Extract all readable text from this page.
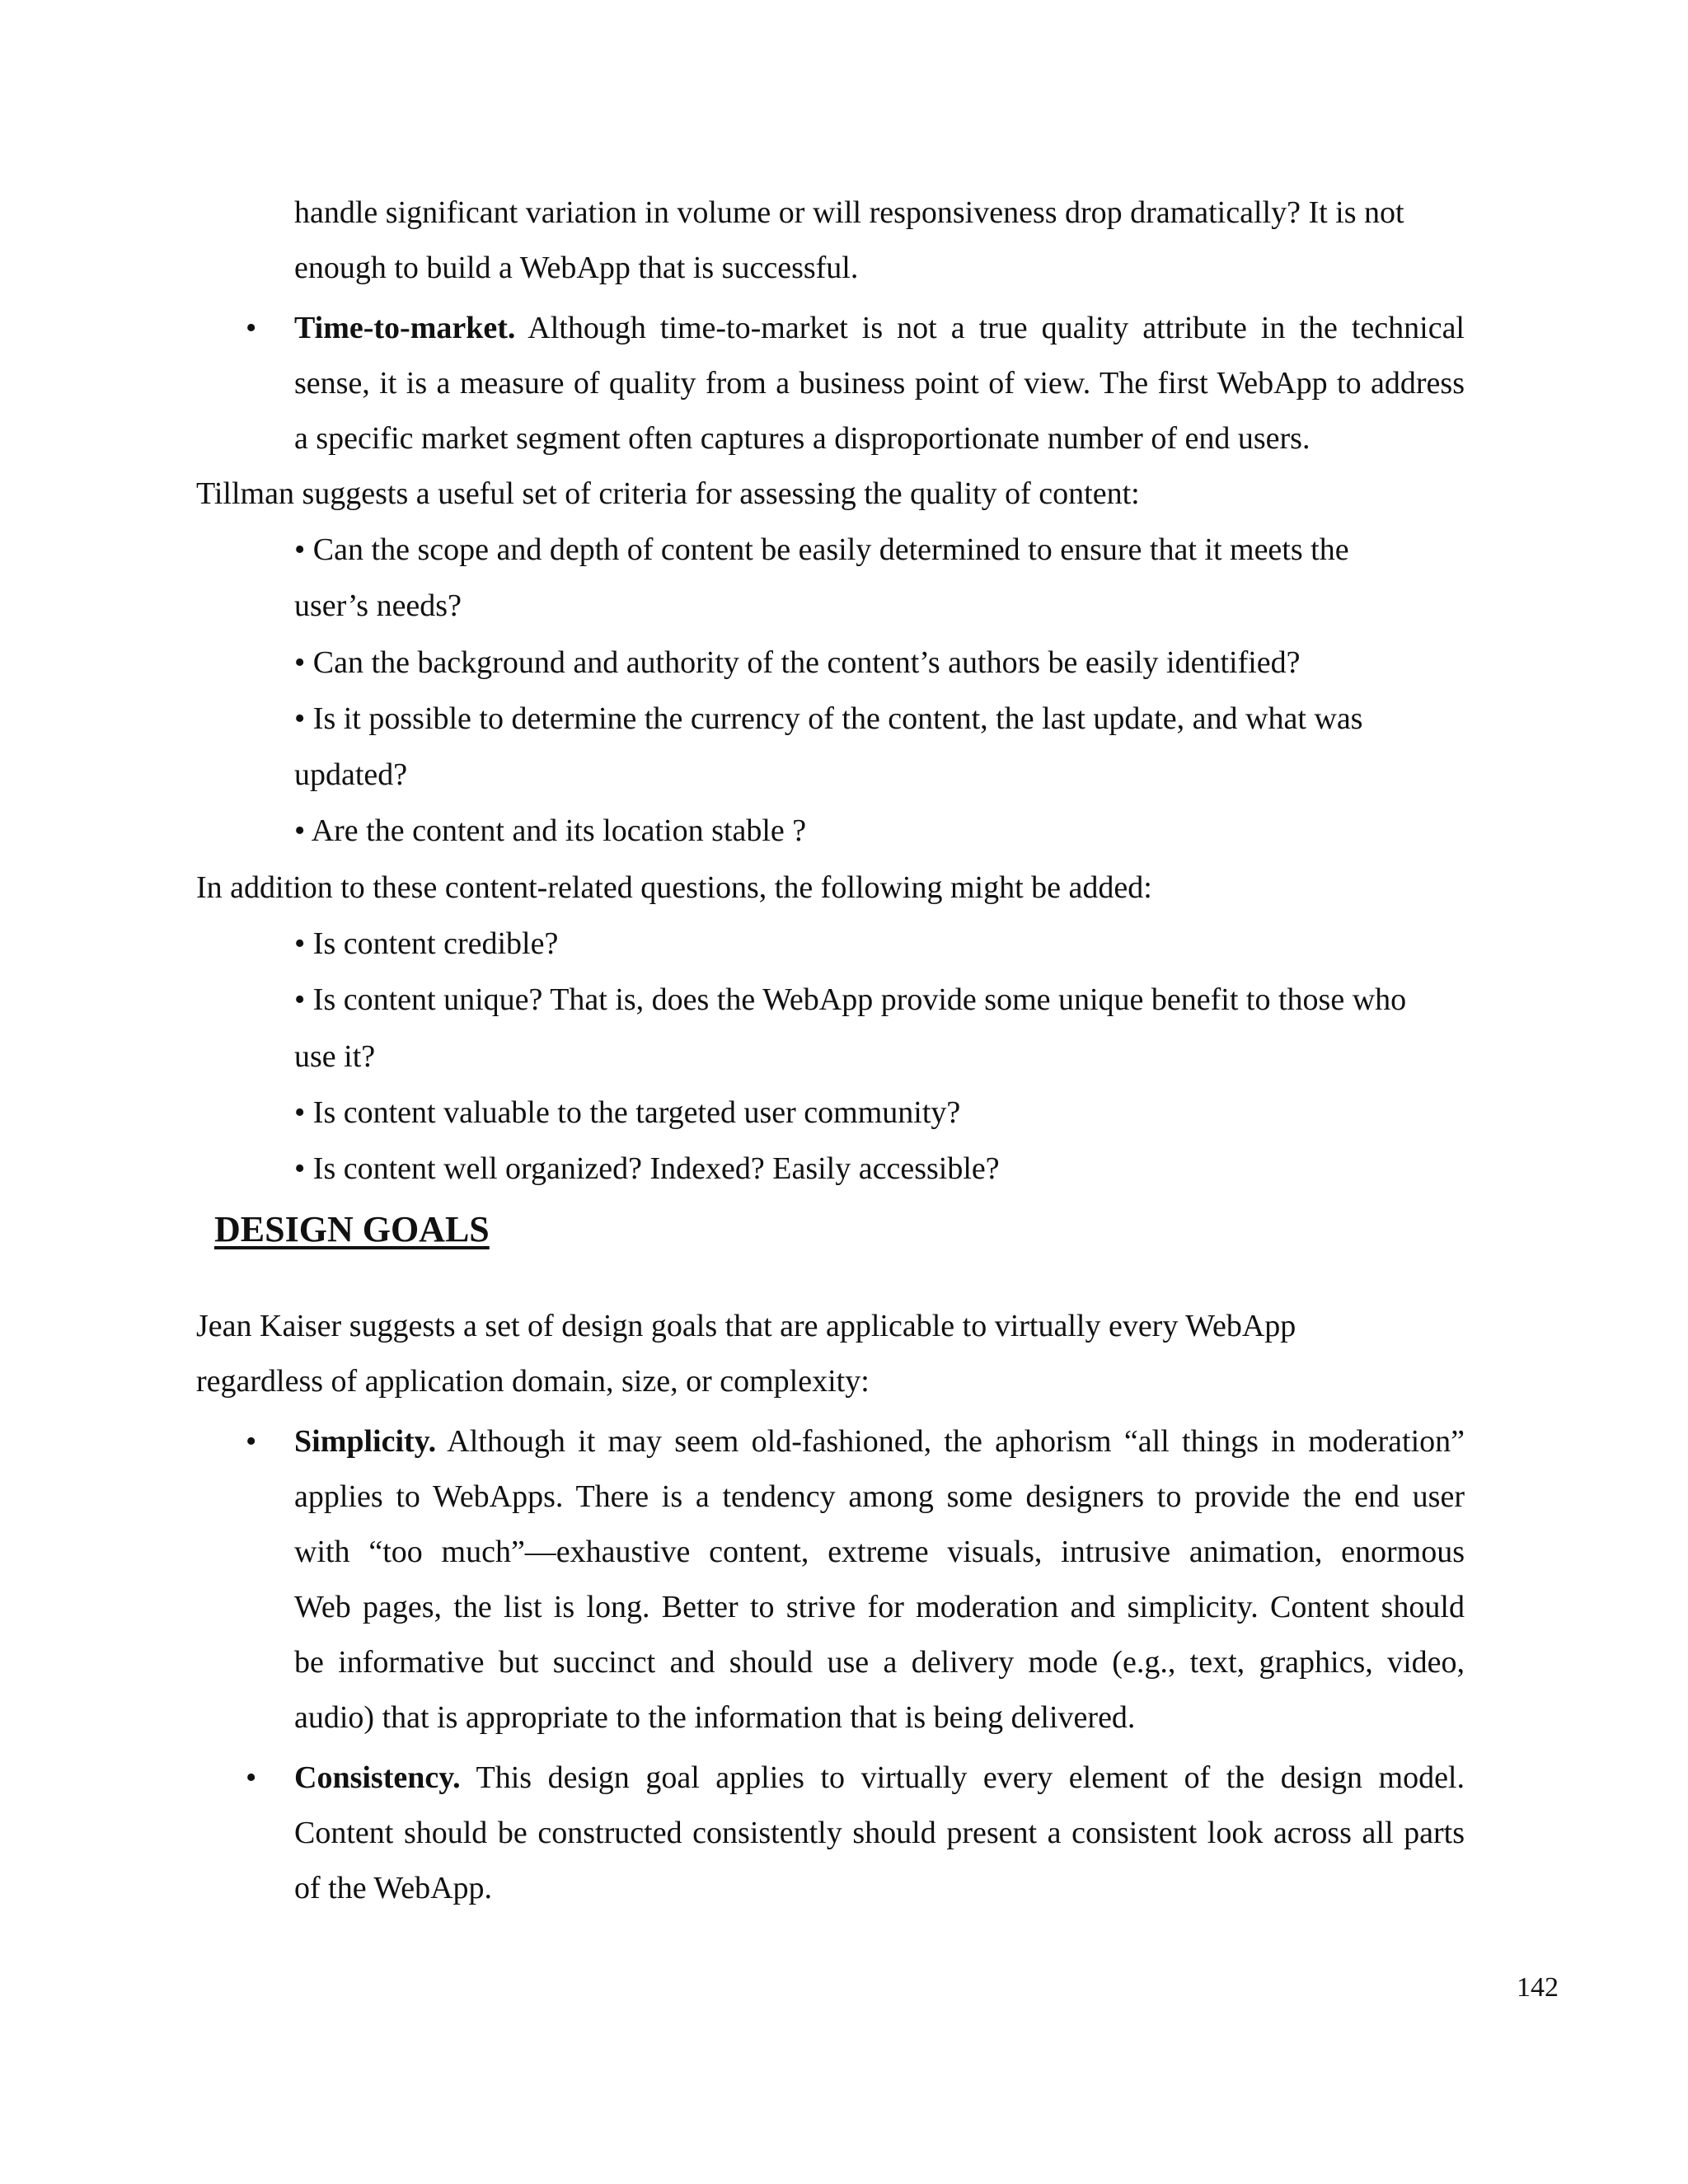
handle significant variation in volume or will responsiveness drop dramatically? It is not
enough to build a WebApp that is successful.
• Time-to-market. Although time-to-market is not a true quality attribute in the technical
sense, it is a measure of quality from a business point of view. The first WebApp to address
a specific market segment often captures a disproportionate number of end users.
Tillman suggests a useful set of criteria for assessing the quality of content:
• Can the scope and depth of content be easily determined to ensure that it meets the
user’s needs?
• Can the background and authority of the content’s authors be easily identified?
• Is it possible to determine the currency of the content, the last update, and what was
updated?
• Are the content and its location stable ?
In addition to these content-related questions, the following might be added:
• Is content credible?
• Is content unique? That is, does the WebApp provide some unique benefit to those who
use it?
• Is content valuable to the targeted user community?
• Is content well organized? Indexed? Easily accessible?
DESIGN GOALS
Jean Kaiser suggests a set of design goals that are applicable to virtually every WebApp
regardless of application domain, size, or complexity:
• Simplicity. Although it may seem old-fashioned, the aphorism “all things in moderation”
applies to WebApps. There is a tendency among some designers to provide the end user
with “too much”—exhaustive content, extreme visuals, intrusive animation, enormous
Web pages, the list is long. Better to strive for moderation and simplicity. Content should
be informative but succinct and should use a delivery mode (e.g., text, graphics, video,
audio) that is appropriate to the information that is being delivered.
• Consistency. This design goal applies to virtually every element of the design model.
Content should be constructed consistently should present a consistent look across all parts
of the WebApp.
142
